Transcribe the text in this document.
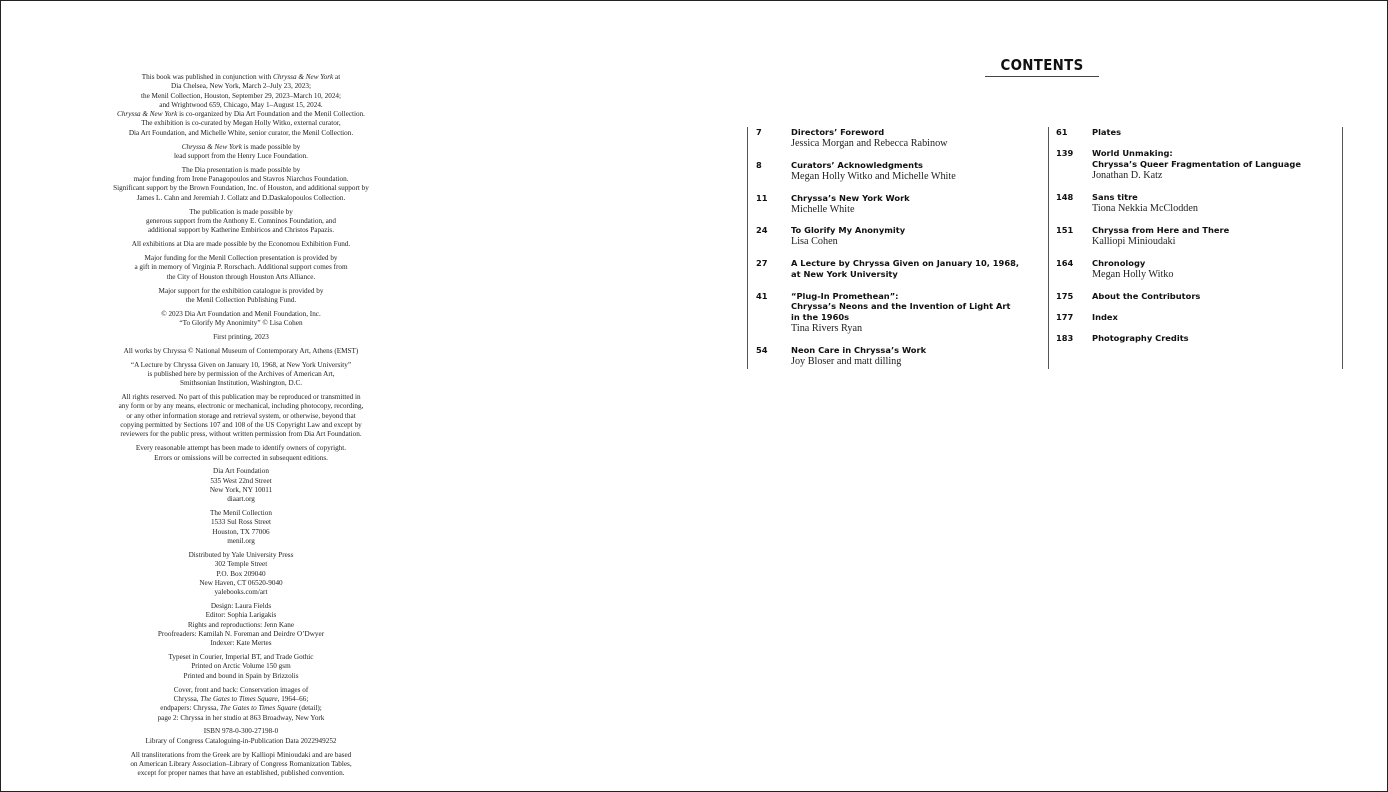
This book was published in conjunction with Chryssa & New York at
Dia Chelsea, New York, March 2–July 23, 2023;
the Menil Collection, Houston, September 29, 2023–March 10, 2024;
and Wrightwood 659, Chicago, May 1–August 15, 2024.
Chryssa & New York is co-organized by Dia Art Foundation and the Menil Collection.
The exhibition is co-curated by Megan Holly Witko, external curator,
Dia Art Foundation, and Michelle White, senior curator, the Menil Collection.

Chryssa & New York is made possible by
lead support from the Henry Luce Foundation.

The Dia presentation is made possible by
major funding from Irene Panagopoulos and Stavros Niarchos Foundation.
Significant support by the Brown Foundation, Inc. of Houston, and additional support by
James L. Cahn and Jeremiah J. Collatz and D.Daskalopoulos Collection.

The publication is made possible by
generous support from the Anthony E. Comninos Foundation, and
additional support by Katherine Embiricos and Christos Papazis.

All exhibitions at Dia are made possible by the Economou Exhibition Fund.

Major funding for the Menil Collection presentation is provided by
a gift in memory of Virginia P. Rorschach. Additional support comes from
the City of Houston through Houston Arts Alliance.

Major support for the exhibition catalogue is provided by
the Menil Collection Publishing Fund.

© 2023 Dia Art Foundation and Menil Foundation, Inc.
“To Glorify My Anonimity” © Lisa Cohen

First printing, 2023

All works by Chryssa © National Museum of Contemporary Art, Athens (EMST)

“A Lecture by Chryssa Given on January 10, 1968, at New York University”
is published here by permission of the Archives of American Art,
Smithsonian Institution, Washington, D.C.

All rights reserved. No part of this publication may be reproduced or transmitted in
any form or by any means, electronic or mechanical, including photocopy, recording,
or any other information storage and retrieval system, or otherwise, beyond that
copying permitted by Sections 107 and 108 of the US Copyright Law and except by
reviewers for the public press, without written permission from Dia Art Foundation.

Every reasonable attempt has been made to identify owners of copyright.
Errors or omissions will be corrected in subsequent editions.

Dia Art Foundation
535 West 22nd Street
New York, NY 10011
diaart.org

The Menil Collection
1533 Sul Ross Street
Houston, TX 77006
menil.org

Distributed by Yale University Press
302 Temple Street
P.O. Box 209040
New Haven, CT 06520-9040
yalebooks.com/art

Design: Laura Fields
Editor: Sophia Larigakis
Rights and reproductions: Jenn Kane
Proofreaders: Kamilah N. Foreman and Deirdre O’Dwyer
Indexer: Kate Mertes

Typeset in Courier, Imperial BT, and Trade Gothic
Printed on Arctic Volume 150 gsm
Printed and bound in Spain by Brizzolis

Cover, front and back: Conservation images of
Chryssa, The Gates to Times Square, 1964–66;
endpapers: Chryssa, The Gates to Times Square (detail);
page 2: Chryssa in her studio at 863 Broadway, New York

ISBN 978-0-300-27198-0
Library of Congress Cataloguing-in-Publication Data 2022949252

All transliterations from the Greek are by Kalliopi Minioudaki and are based
on American Library Association–Library of Congress Romanization Tables,
except for proper names that have an established, published convention.

CONTENTS
7	Directors’ Foreword
Jessica Morgan and Rebecca Rabinow
8	Curators’ Acknowledgments
Megan Holly Witko and Michelle White
11	Chryssa’s New York Work
Michelle White
24	To Glorify My Anonymity
Lisa Cohen
27	A Lecture by Chryssa Given on January 10, 1968,
at New York University
41	“Plug-In Promethean”:
Chryssa’s Neons and the Invention of Light Art
in the 1960s
Tina Rivers Ryan
54	Neon Care in Chryssa’s Work
Joy Bloser and matt dilling
61	Plates
139	World Unmaking:
Chryssa’s Queer Fragmentation of Language
Jonathan D. Katz
148	Sans titre
Tiona Nekkia McClodden
151	Chryssa from Here and There
Kalliopi Minioudaki
164	Chronology
Megan Holly Witko
175	About the Contributors
177	Index
183	Photography Credits
